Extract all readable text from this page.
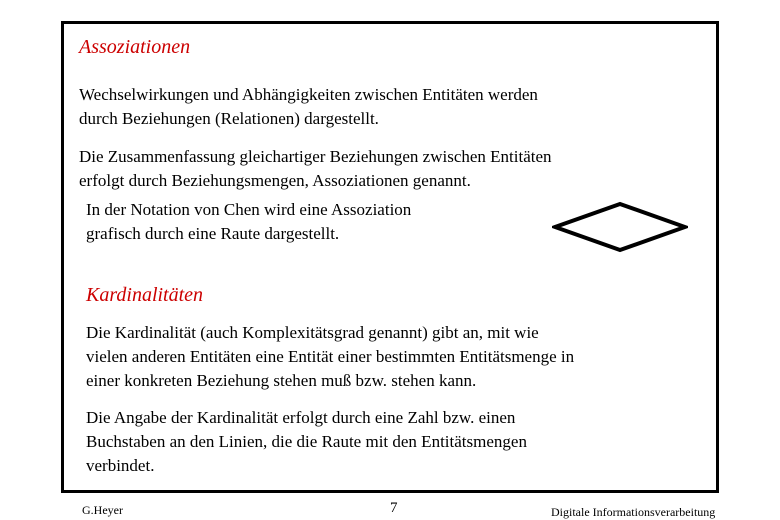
Assoziationen
Wechselwirkungen und Abhängigkeiten zwischen Entitäten werden
durch Beziehungen (Relationen) dargestellt.
Die Zusammenfassung gleichartiger Beziehungen zwischen Entitäten
erfolgt durch Beziehungsmengen, Assoziationen genannt.
In der Notation von Chen wird eine Assoziation
grafisch durch eine Raute dargestellt.
Kardinalitäten
Die Kardinalität (auch Komplexitätsgrad genannt) gibt an, mit wie
vielen anderen Entitäten eine Entität einer bestimmten Entitätsmenge in
einer konkreten Beziehung stehen muß bzw. stehen kann.
Die Angabe der Kardinalität erfolgt durch eine Zahl bzw. einen
Buchstaben an den Linien, die die Raute mit den Entitätsmengen
verbindet.
G.Heyer	7	Digitale Informationsverarbeitung
